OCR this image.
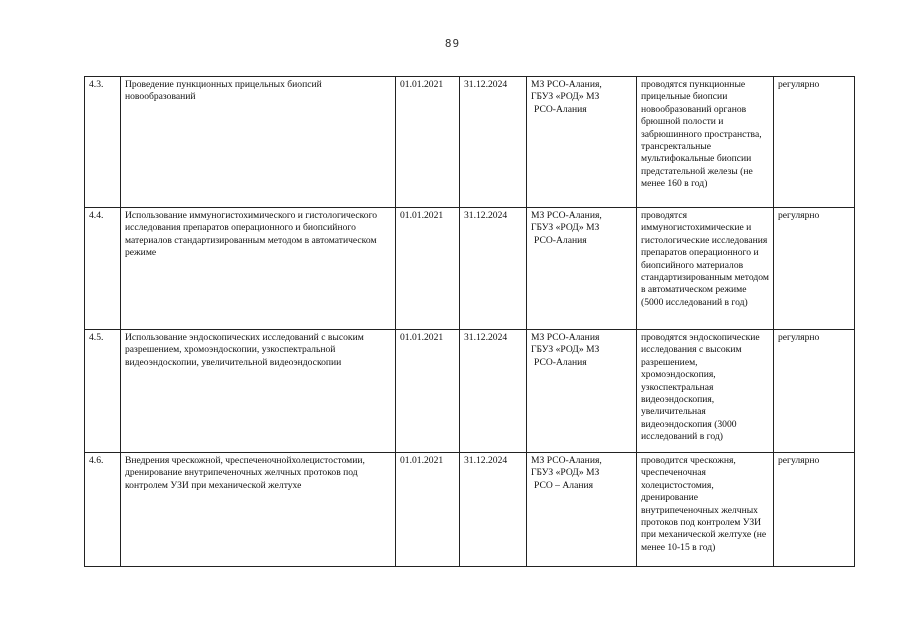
89
4.3.	Проведение пункционных прицельных биопсий новообразований	01.01.2021	31.12.2024	МЗ РСО-Алания,
ГБУЗ «РОД» МЗ
РСО-Алания	проводятся пункционные прицельные биопсии новообразований органов брюшной полости и забрюшинного пространства, трансректальные мультифокальные биопсии предстательной железы (не менее 160 в год)	регулярно
4.4.	Использование иммуногистохимического и гистологического исследования препаратов операционного и биопсийного материалов стандартизированным методом в автоматическом режиме	01.01.2021	31.12.2024	МЗ РСО-Алания,
ГБУЗ «РОД» МЗ
РСО-Алания	проводятся иммуногистохимические и гистологические исследования препаратов операционного и биопсийного материалов стандартизированным методом в автоматическом режиме (5000 исследований в год)	регулярно
4.5.	Использование эндоскопических исследований с высоким разрешением, хромоэндоскопии, узкоспектральной видеоэндоскопии, увеличительной видеоэндоскопии	01.01.2021	31.12.2024	МЗ РСО-Алания
ГБУЗ «РОД» МЗ
РСО-Алания	проводятся эндоскопические исследования с высоким разрешением, хромоэндоскопия, узкоспектральная видеоэндоскопия, увеличительная видеоэндоскопия (3000 исследований в год)	регулярно
4.6.	Внедрения чрескожной, чреспеченочнойхолецистостомии, дренирование внутрипеченочных желчных протоков под контролем УЗИ при механической желтухе	01.01.2021	31.12.2024	МЗ РСО-Алания,
ГБУЗ «РОД» МЗ
РСО – Алания	проводится чрескожня, чреспеченочная холецистостомия, дренирование внутрипеченочных желчных протоков под контролем УЗИ при механической желтухе (не менее 10-15 в год)	регулярно
